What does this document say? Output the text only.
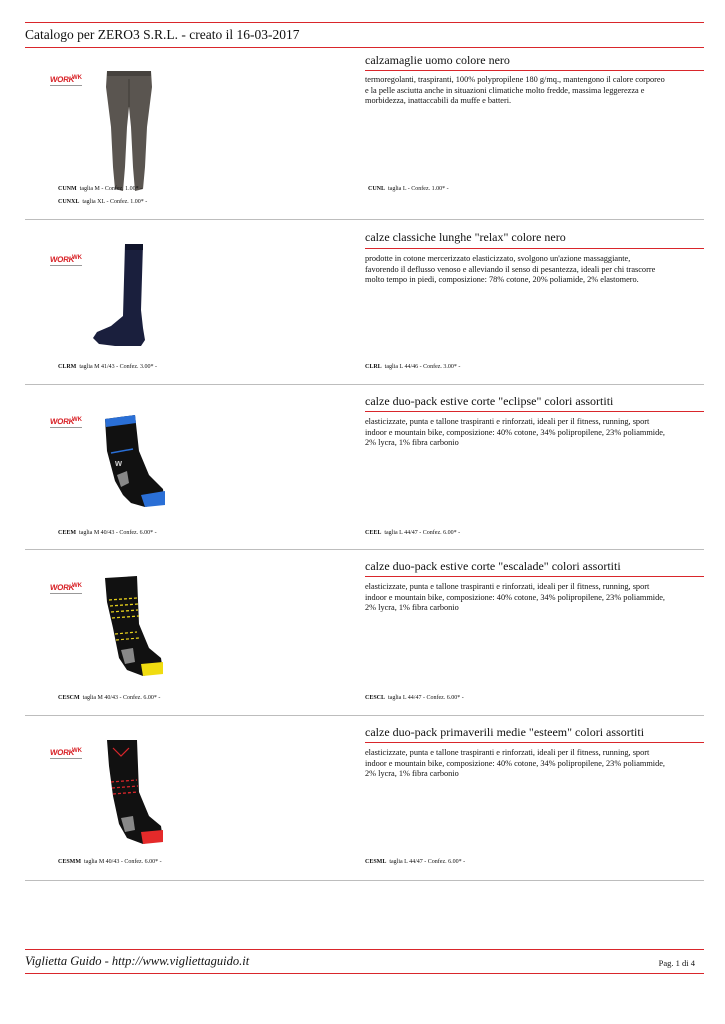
Catalogo per ZERO3 S.R.L. - creato il 16-03-2017
WORK
WK
calzamaglie uomo colore nero
termoregolanti, traspiranti, 100% polypropilene 180 g/mq., mantengono il calore corporeo e la pelle asciutta anche in situazioni climatiche molto fredde, massima leggerezza e morbidezza, inattaccabili da muffe e batteri.
CUNM taglia M - Confez. 1.00* -	CUNL taglia L - Confez. 1.00* -
CUNXL taglia XL - Confez. 1.00* -
WORK
WK
calze classiche lunghe "relax" colore nero
prodotte in cotone mercerizzato elasticizzato, svolgono un'azione massaggiante, favorendo il deflusso venoso e alleviando il senso di pesantezza, ideali per chi trascorre molto tempo in piedi, composizione: 78% cotone, 20% poliamide, 2% elastomero.
CLRM taglia M 41/43 - Confez. 3.00* -	CLRL taglia L 44/46 - Confez. 3.00* -
WORK
WK
w
calze duo-pack estive corte "eclipse" colori assortiti
elasticizzate, punta e tallone traspiranti e rinforzati, ideali per il fitness, running, sport indoor e mountain bike, composizione: 40% cotone, 34% polipropilene, 23% poliammide, 2% lycra, 1% fibra carbonio
CEEM taglia M 40/43 - Confez. 6.00* -	CEEL taglia L 44/47 - Confez. 6.00* -
WORK
WK
calze duo-pack estive corte "escalade" colori assortiti
elasticizzate, punta e tallone traspiranti e rinforzati, ideali per il fitness, running, sport indoor e mountain bike, composizione: 40% cotone, 34% polipropilene, 23% poliammide, 2% lycra, 1% fibra carbonio
CESCM taglia M 40/43 - Confez. 6.00* -	CESCL taglia L 44/47 - Confez. 6.00* -
WORK
WK
calze duo-pack primaverili medie "esteem" colori assortiti
elasticizzate, punta e tallone traspiranti e rinforzati, ideali per il fitness, running, sport indoor e mountain bike, composizione: 40% cotone, 34% polipropilene, 23% poliammide, 2% lycra, 1% fibra carbonio
CESMM taglia M 40/43 - Confez. 6.00* -	CESML taglia L 44/47 - Confez. 6.00* -
Viglietta Guido - http://www.viglietta​guido.it	Pag. 1 di 4
